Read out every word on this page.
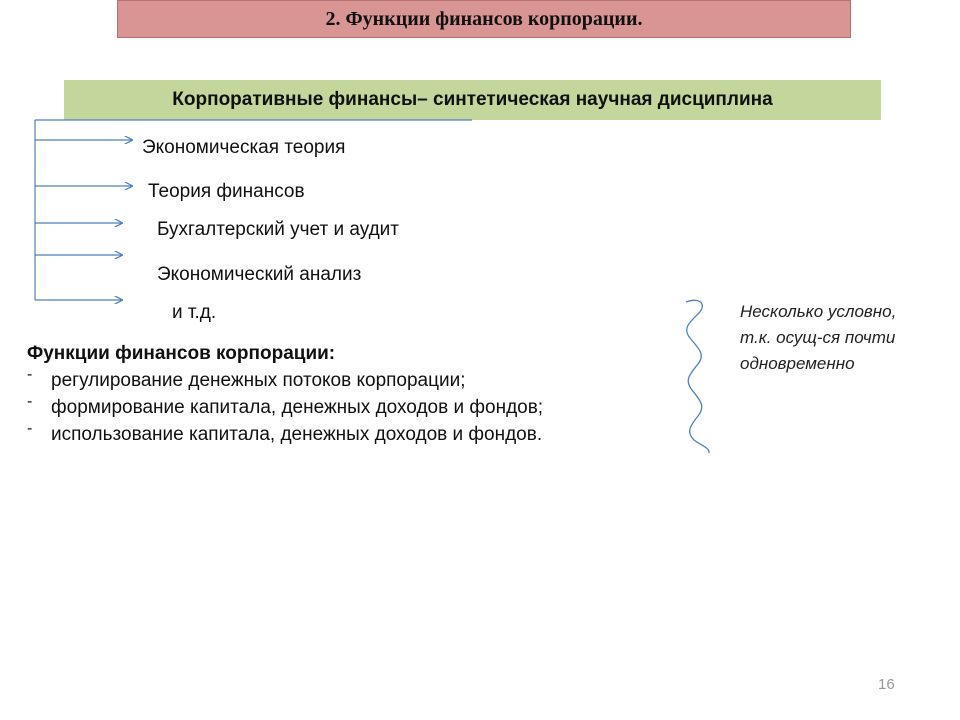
2. Функции финансов корпорации.
Корпоративные финансы– синтетическая научная дисциплина
Экономическая теория
Теория финансов
Бухгалтерский учет и аудит
Экономический анализ
и т.д.
Функции финансов корпорации:
- регулирование денежных потоков корпорации;
- формирование капитала, денежных доходов и фондов;
- использование капитала, денежных доходов и фондов.
Несколько условно, т.к. осущ-ся почти одновременно
16
